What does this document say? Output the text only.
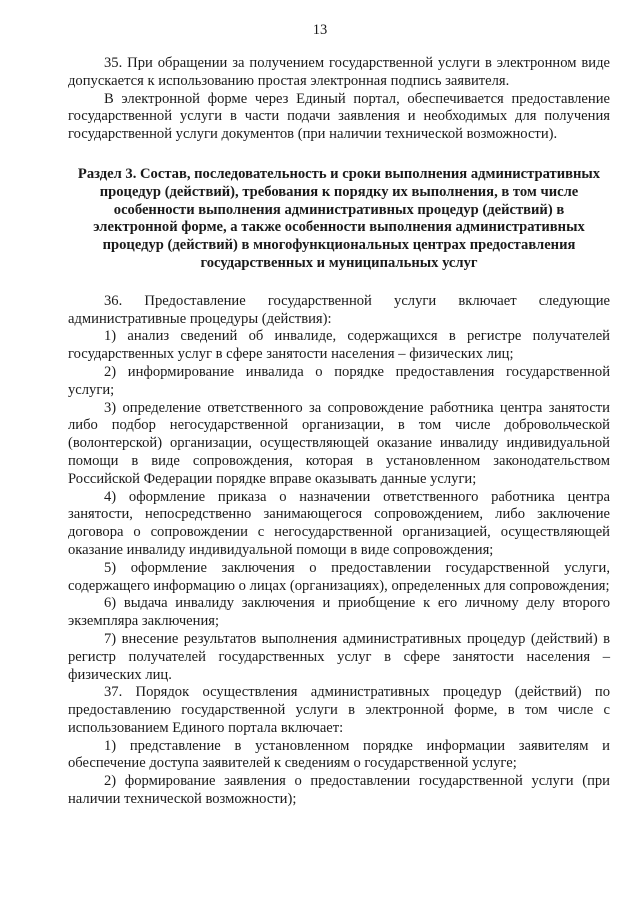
13

35. При обращении за получением государственной услуги в электронном виде допускается к использованию простая электронная подпись заявителя.

В электронной форме через Единый портал, обеспечивается предоставление государственной услуги в части подачи заявления и необходимых для получения государственной услуги документов (при наличии технической возможности).

Раздел 3. Состав, последовательность и сроки выполнения административных процедур (действий), требования к порядку их выполнения, в том числе особенности выполнения административных процедур (действий) в электронной форме, а также особенности выполнения административных процедур (действий) в многофункциональных центрах предоставления государственных и муниципальных услуг

36. Предоставление государственной услуги включает следующие административные процедуры (действия):

1) анализ сведений об инвалиде, содержащихся в регистре получателей государственных услуг в сфере занятости населения – физических лиц;

2) информирование инвалида о порядке предоставления государственной услуги;

3) определение ответственного за сопровождение работника центра занятости либо подбор негосударственной организации, в том числе добровольческой (волонтерской) организации, осуществляющей оказание инвалиду индивидуальной помощи в виде сопровождения, которая в установленном законодательством Российской Федерации порядке вправе оказывать данные услуги;

4) оформление приказа о назначении ответственного работника центра занятости, непосредственно занимающегося сопровождением, либо заключение договора о сопровождении с негосударственной организацией, осуществляющей оказание инвалиду индивидуальной помощи в виде сопровождения;

5) оформление заключения о предоставлении государственной услуги, содержащего информацию о лицах (организациях), определенных для сопровождения;

6) выдача инвалиду заключения и приобщение к его личному делу второго экземпляра заключения;

7) внесение результатов выполнения административных процедур (действий) в регистр получателей государственных услуг в сфере занятости населения – физических лиц.

37. Порядок осуществления административных процедур (действий) по предоставлению государственной услуги в электронной форме, в том числе с использованием Единого портала включает:

1) представление в установленном порядке информации заявителям и обеспечение доступа заявителей к сведениям о государственной услуге;

2) формирование заявления о предоставлении государственной услуги (при наличии технической возможности);
